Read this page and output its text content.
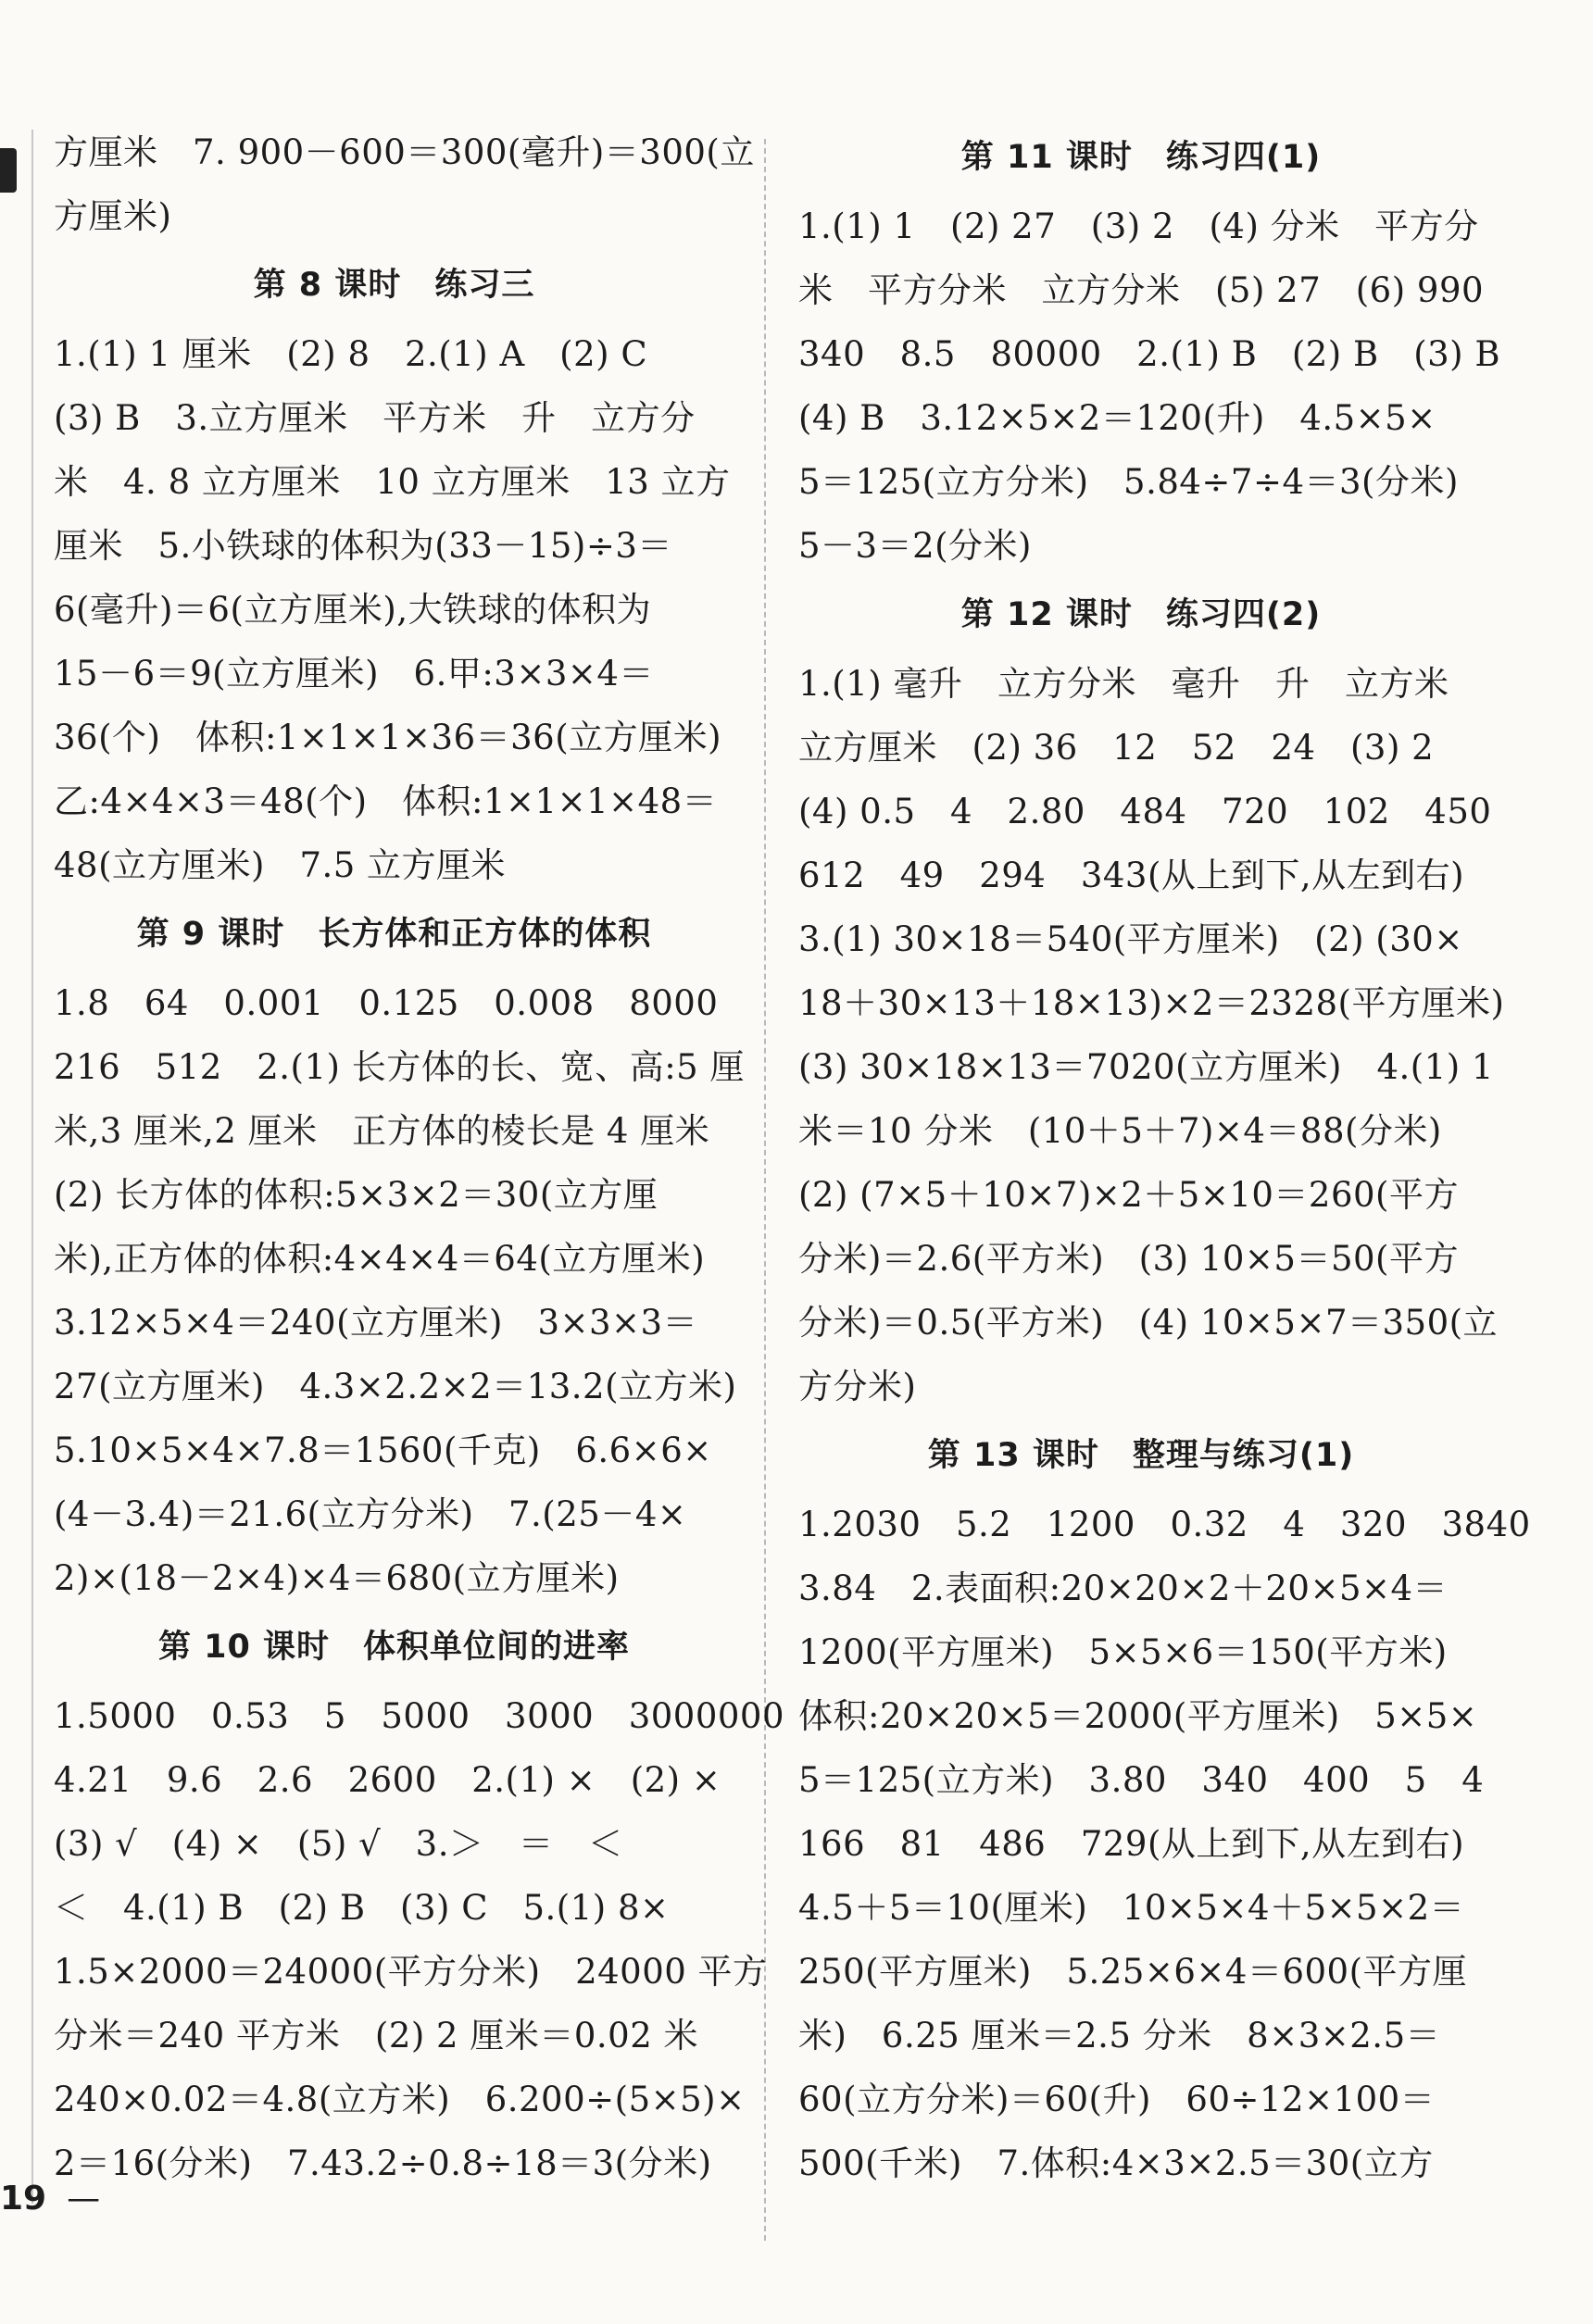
方厘米　7. 900－600＝300(毫升)＝300(立
方厘米)
第 8 课时　练习三
1.(1) 1 厘米　(2) 8　2.(1) A　(2) C
(3) B　3.立方厘米　平方米　升　立方分
米　4. 8 立方厘米　10 立方厘米　13 立方
厘米　5.小铁球的体积为(33－15)÷3＝
6(毫升)＝6(立方厘米),大铁球的体积为
15－6＝9(立方厘米)　6.甲:3×3×4＝
36(个)　体积:1×1×1×36＝36(立方厘米)
乙:4×4×3＝48(个)　体积:1×1×1×48＝
48(立方厘米)　7.5 立方厘米
第 9 课时　长方体和正方体的体积
1.8　64　0.001　0.125　0.008　8000
216　512　2.(1) 长方体的长、宽、高:5 厘
米,3 厘米,2 厘米　正方体的棱长是 4 厘米
(2) 长方体的体积:5×3×2＝30(立方厘
米),正方体的体积:4×4×4＝64(立方厘米)
3.12×5×4＝240(立方厘米)　3×3×3＝
27(立方厘米)　4.3×2.2×2＝13.2(立方米)
5.10×5×4×7.8＝1560(千克)　6.6×6×
(4－3.4)＝21.6(立方分米)　7.(25－4×
2)×(18－2×4)×4＝680(立方厘米)
第 10 课时　体积单位间的进率
1.5000　0.53　5　5000　3000　3000000
4.21　9.6　2.6　2600　2.(1) ×　(2) ×
(3) √　(4) ×　(5) √　3.＞　＝　＜
＜　4.(1) B　(2) B　(3) C　5.(1) 8×
1.5×2000＝24000(平方分米)　24000 平方
分米＝240 平方米　(2) 2 厘米＝0.02 米
240×0.02＝4.8(立方米)　6.200÷(5×5)×
2＝16(分米)　7.43.2÷0.8÷18＝3(分米)
第 11 课时　练习四(1)
1.(1) 1　(2) 27　(3) 2　(4) 分米　平方分
米　平方分米　立方分米　(5) 27　(6) 990
340　8.5　80000　2.(1) B　(2) B　(3) B
(4) B　3.12×5×2＝120(升)　4.5×5×
5＝125(立方分米)　5.84÷7÷4＝3(分米)
5－3＝2(分米)
第 12 课时　练习四(2)
1.(1) 毫升　立方分米　毫升　升　立方米
立方厘米　(2) 36　12　52　24　(3) 2
(4) 0.5　4　2.80　484　720　102　450
612　49　294　343(从上到下,从左到右)
3.(1) 30×18＝540(平方厘米)　(2) (30×
18＋30×13＋18×13)×2＝2328(平方厘米)
(3) 30×18×13＝7020(立方厘米)　4.(1) 1
米＝10 分米　(10＋5＋7)×4＝88(分米)
(2) (7×5＋10×7)×2＋5×10＝260(平方
分米)＝2.6(平方米)　(3) 10×5＝50(平方
分米)＝0.5(平方米)　(4) 10×5×7＝350(立
方分米)
第 13 课时　整理与练习(1)
1.2030　5.2　1200　0.32　4　320　3840
3.84　2.表面积:20×20×2＋20×5×4＝
1200(平方厘米)　5×5×6＝150(平方米)
体积:20×20×5＝2000(平方厘米)　5×5×
5＝125(立方米)　3.80　340　400　5　4
166　81　486　729(从上到下,从左到右)
4.5＋5＝10(厘米)　10×5×4＋5×5×2＝
250(平方厘米)　5.25×6×4＝600(平方厘
米)　6.25 厘米＝2.5 分米　8×3×2.5＝
60(立方分米)＝60(升)　60÷12×100＝
500(千米)　7.体积:4×3×2.5＝30(立方
19 —
